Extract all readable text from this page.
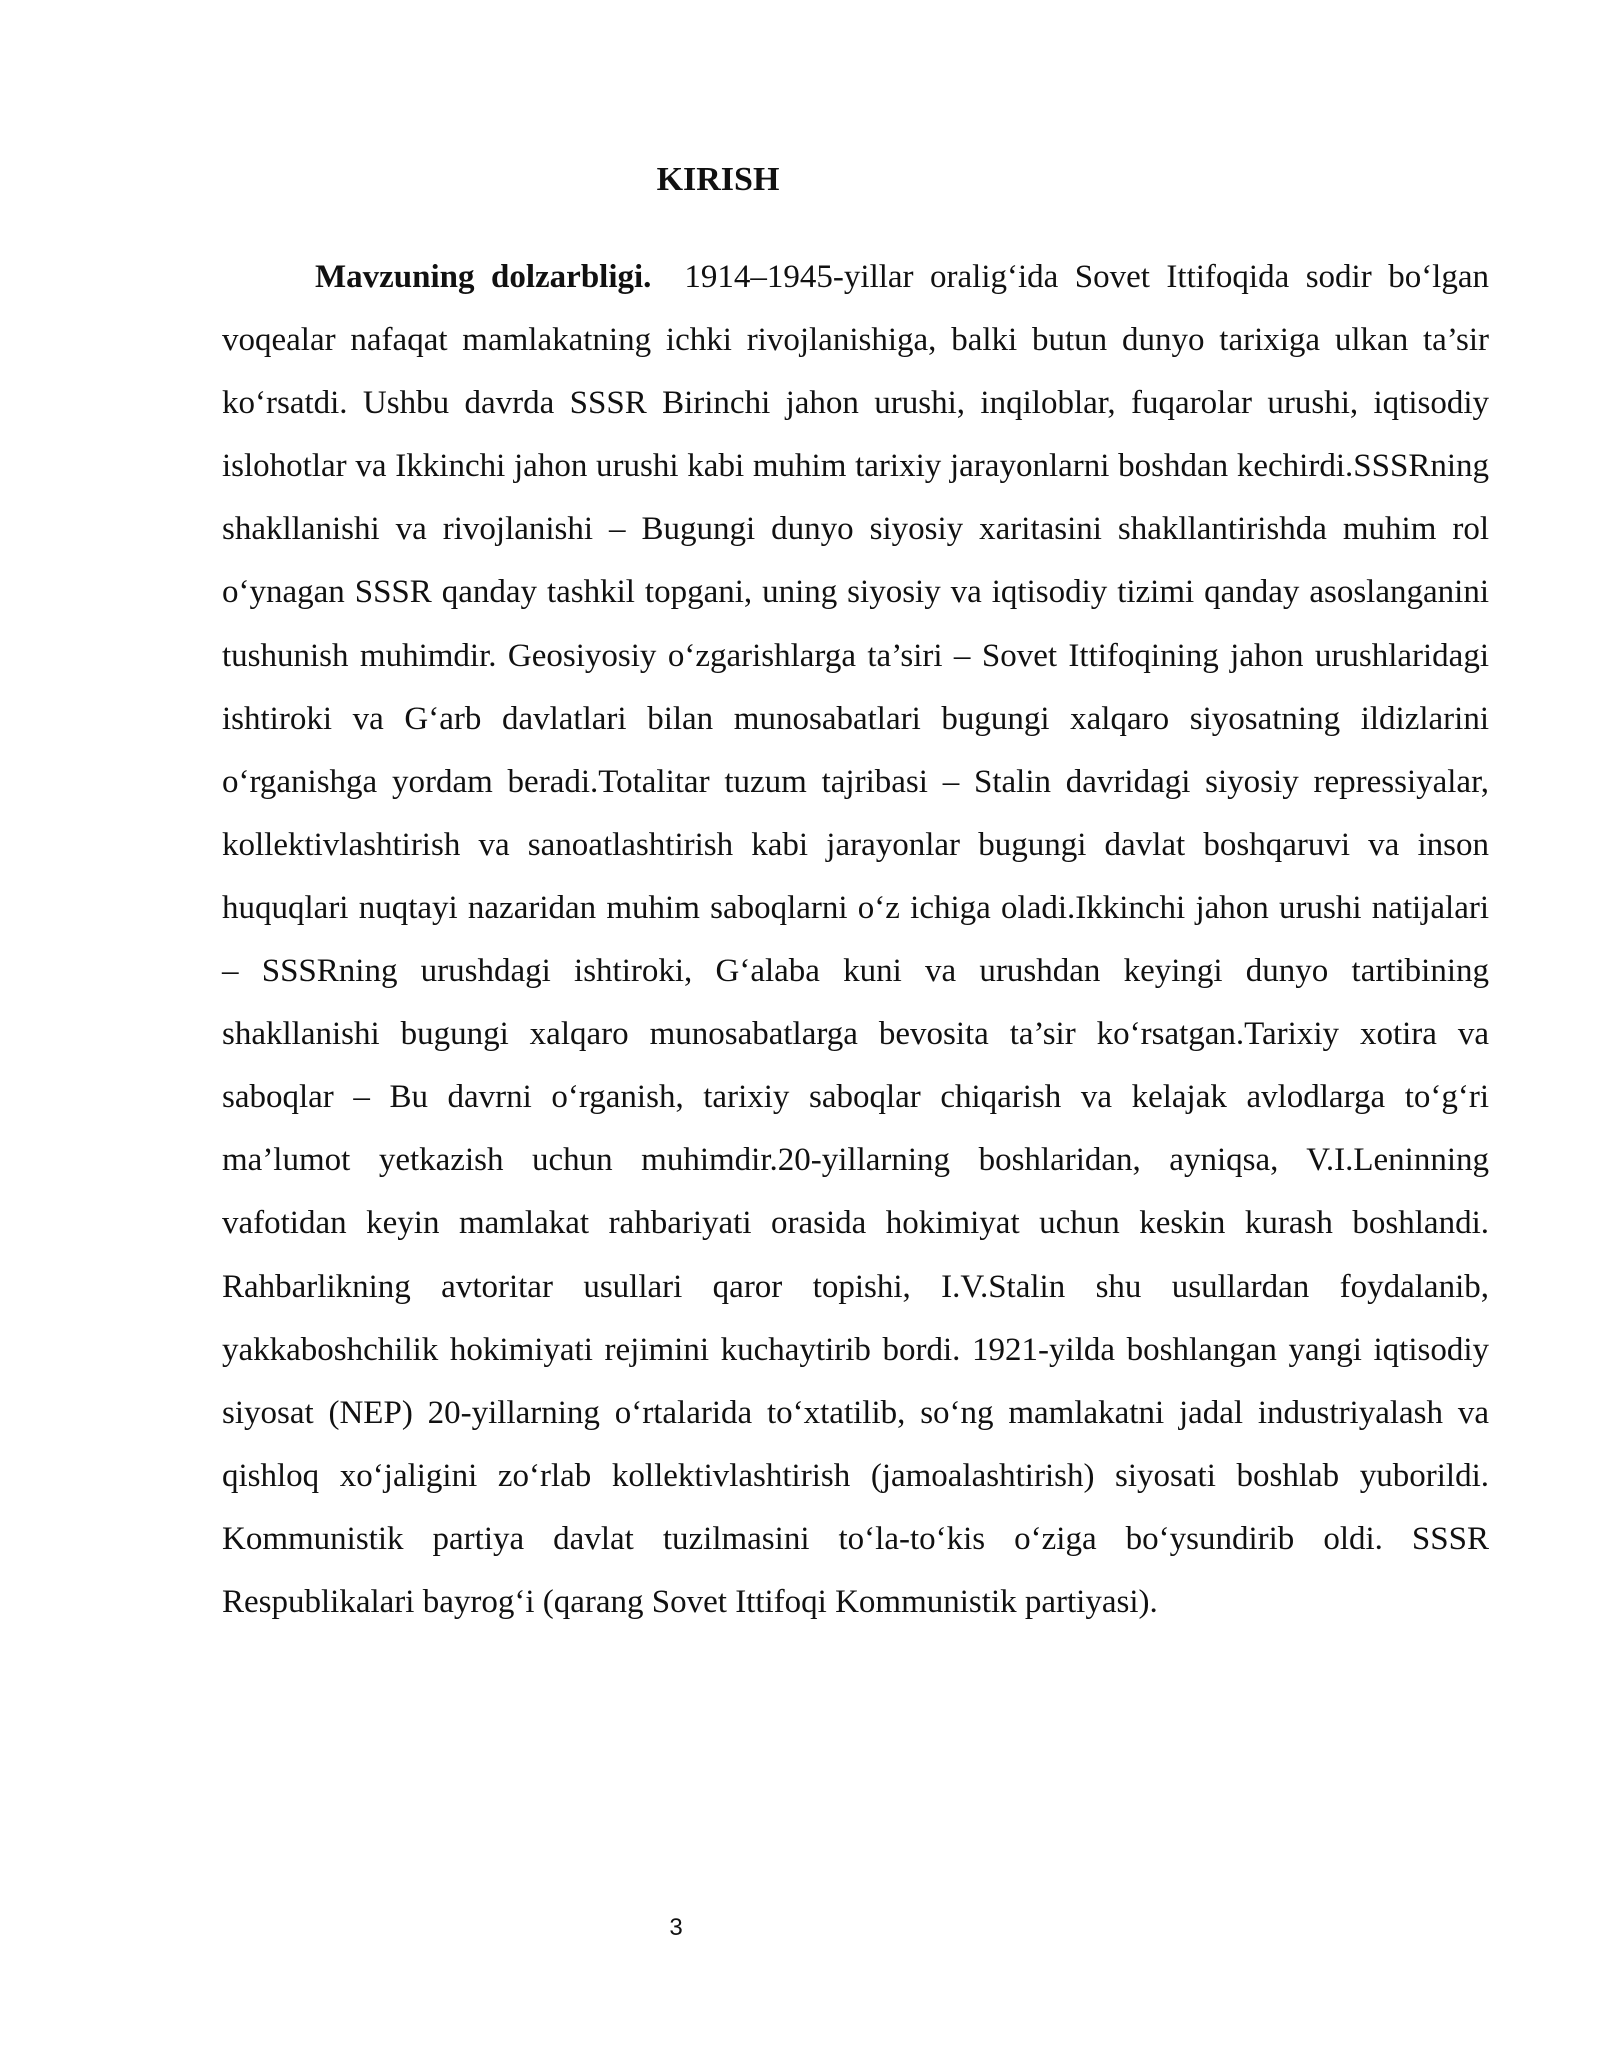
KIRISH

Mavzuning dolzarbligi. 1914–1945-yillar oralig‘ida Sovet Ittifoqida sodir bo‘lgan voqealar nafaqat mamlakatning ichki rivojlanishiga, balki butun dunyo tarixiga ulkan ta’sir ko‘rsatdi. Ushbu davrda SSSR Birinchi jahon urushi, inqiloblar, fuqarolar urushi, iqtisodiy islohotlar va Ikkinchi jahon urushi kabi muhim tarixiy jarayonlarni boshdan kechirdi.SSSRning shakllanishi va rivojlanishi – Bugungi dunyo siyosiy xaritasini shakllantirishda muhim rol o‘ynagan SSSR qanday tashkil topgani, uning siyosiy va iqtisodiy tizimi qanday asoslanganini tushunish muhimdir. Geosiyosiy o‘zgarishlarga ta’siri – Sovet Ittifoqining jahon urushlaridagi ishtiroki va G‘arb davlatlari bilan munosabatlari bugungi xalqaro siyosatning ildizlarini o‘rganishga yordam beradi.Totalitar tuzum tajribasi – Stalin davridagi siyosiy repressiyalar, kollektivlashtirish va sanoatlashtirish kabi jarayonlar bugungi davlat boshqaruvi va inson huquqlari nuqtayi nazaridan muhim saboqlarni o‘z ichiga oladi.Ikkinchi jahon urushi natijalari – SSSRning urushdagi ishtiroki, G‘alaba kuni va urushdan keyingi dunyo tartibining shakllanishi bugungi xalqaro munosabatlarga bevosita ta’sir ko‘rsatgan.Tarixiy xotira va saboqlar – Bu davrni o‘rganish, tarixiy saboqlar chiqarish va kelajak avlodlarga to‘g‘ri ma’lumot yetkazish uchun muhimdir.20-yillarning boshlaridan, ayniqsa, V.I.Leninning vafotidan keyin mamlakat rahbariyati orasida hokimiyat uchun keskin kurash boshlandi. Rahbarlikning avtoritar usullari qaror topishi, I.V.Stalin shu usullardan foydalanib, yakkaboshchilik hokimiyati rejimini kuchaytirib bordi. 1921-yilda boshlangan yangi iqtisodiy siyosat (NEP) 20-yillarning o‘rtalarida to‘xtatilib, so‘ng mamlakatni jadal industriyalash va qishloq xo‘jaligini zo‘rlab kollektivlashtirish (jamoalashtirish) siyosati boshlab yuborildi. Kommunistik partiya davlat tuzilmasini to‘la-to‘kis o‘ziga bo‘ysundirib oldi. SSSR Respublikalari bayrog‘i (qarang Sovet Ittifoqi Kommunistik partiyasi).

3
